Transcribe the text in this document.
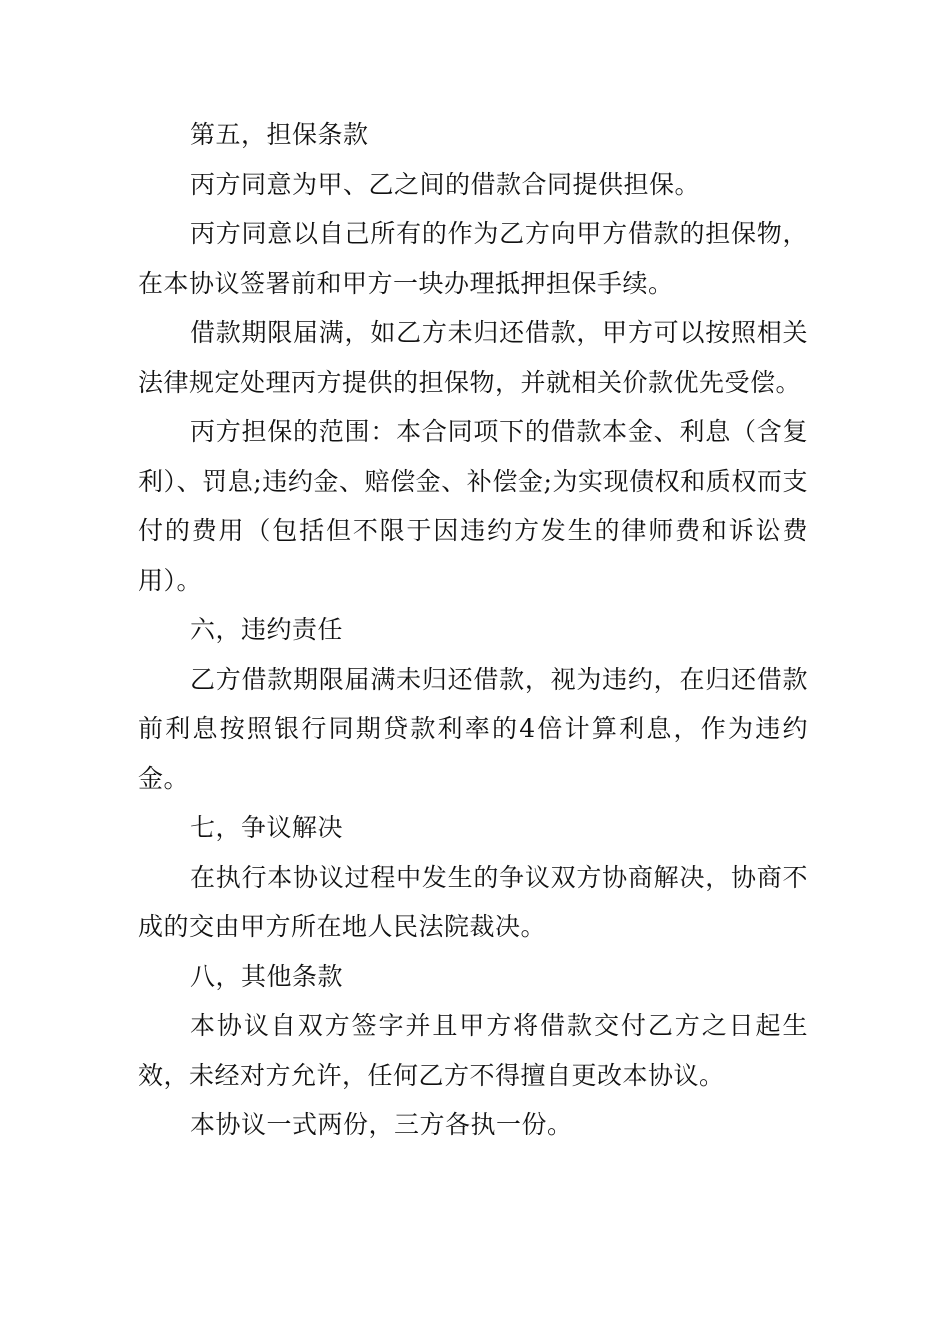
第五，担保条款

丙方同意为甲、乙之间的借款合同提供担保。

丙方同意以自己所有的作为乙方向甲方借款的担保物，在本协议签署前和甲方一块办理抵押担保手续。

借款期限届满，如乙方未归还借款，甲方可以按照相关法律规定处理丙方提供的担保物，并就相关价款优先受偿。

丙方担保的范围：本合同项下的借款本金、利息（含复利）、罚息;违约金、赔偿金、补偿金;为实现债权和质权而支付的费用（包括但不限于因违约方发生的律师费和诉讼费用）。

六，违约责任

乙方借款期限届满未归还借款，视为违约，在归还借款前利息按照银行同期贷款利率的4倍计算利息，作为违约金。

七，争议解决

在执行本协议过程中发生的争议双方协商解决，协商不成的交由甲方所在地人民法院裁决。

八，其他条款

本协议自双方签字并且甲方将借款交付乙方之日起生效，未经对方允许，任何乙方不得擅自更改本协议。

本协议一式两份，三方各执一份。
